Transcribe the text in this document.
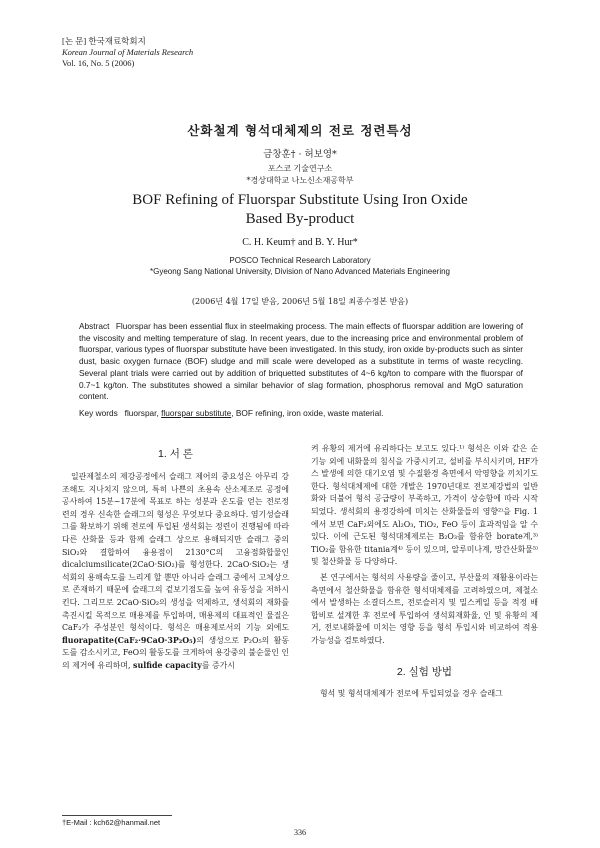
[논 문] 한국재료학회지
Korean Journal of Materials Research
Vol. 16, No. 5 (2006)
산화철계 형석대체제의 전로 정련특성
금창훈† · 허보영*
포스코 기술연구소
*경상대학교 나노신소재공학부
BOF Refining of Fluorspar Substitute Using Iron Oxide
Based By-product
C. H. Keum† and B. Y. Hur*
POSCO Technical Research Laboratory
*Gyeong Sang National University, Division of Nano Advanced Materials Engineering
(2006년 4월 17일 받음, 2006년 5월 18일 최종수정본 받음)
Abstract Fluorspar has been essential flux in steelmaking process. The main effects of fluorspar addition are lowering of the viscosity and melting temperature of slag. In recent years, due to the increasing price and environmental problem of fluorspar, various types of fluorspar substitute have been investigated. In this study, iron oxide by-products such as sinter dust, basic oxygen furnace (BOF) sludge and mill scale were developed as a substitute in terms of waste recycling. Several plant trials were carried out by addition of briquetted substitutes of 4~6 kg/ton to compare with the fluorspar of 0.7~1 kg/ton. The substitutes showed a similar behavior of slag formation, phosphorus removal and MgO saturation content.
Key words fluorspar, fluorspar substitute, BOF refining, iron oxide, waste material.
1. 서 론

일관제철소의 제강공정에서 슬래그 제어의 중요성은 아무리 강조해도 지나치지 않으며, 특히 나쁜의 초용속 산소제조로 공정에 공사하여 15분~17분에 목표로 하는 성분과 온도를 얻는 전로정련의 경우 신속한 슬래그의 형성은 무엇보다 중요하다. 염기성슬래그를 확보하기 위해 전로에 투입된 생석회는 정련이 진행됨에 따라 다른 산화물 등과 함께 슬래그 상으로 용해되지만 슬래그 중의 SiO₂와 결합하여 융용점이 2130°C의 고융점화합물인 dicalciumsilicate(2CaO·SiO₂)를 형성한다. 2CaO·SiO₂는 생석회의 용해속도를 느리게 할 뿐만 아니라 슬래그 중에서 고체상으로 존재하기 때문에 슬래그의 겉보기점도를 높여 유동성을 저하시킨다. 그리므로 2CaO·SiO₂의 생성을 억제하고, 생석회의 재화를 촉진시킬 목적으로 매용제를 투입하며, 매용제의 대표적인 물질은 CaF₂가 주성분인 형석이다. 형석은 매용제로서의 기능 외에도 fluorapatite(CaF₂·9CaO·3P₂O₅)의 생성으로 P₂O₅의 활동도를 감소시키고, FeO의 활동도를 크게하여 용강중의 불순물인 인의 제거에 유리하며, sulfide capacity를 증가시

켜 유황의 제거에 유리하다는 보고도 있다.¹⁾ 형석은 이와 같은 순기능 외에 내화물의 침식을 가중시키고, 설비를 부식시키며, HF가스 발생에 의한 대기오염 및 수질환경 측면에서 악영향을 끼치기도 한다. 형석대체제에 대한 개발은 1970년대로 전로제강법의 일반화와 더불어 형석 공급량이 부족하고, 가격이 상승함에 따라 시작되었다. 생석회의 용정강하에 미치는 산화물들의 영향²⁾을 Fig. 1에서 보면 CaF₂외에도 Al₂O₃, TiO₂, FeO 등이 효과적임을 알 수 있다. 이에 근도된 형석대체제로는 B₂O₃를 함유한 borate계,³⁾ TiO₂를 함유한 titania계⁴⁾ 등이 있으며, 알루미나계, 망간산화물⁵⁾ 및 철산화물 등 다양하다.

본 연구에서는 형석의 사용량을 줄이고, 부산물의 재활용이라는 측면에서 철산화물을 함유한 형석대체제를 고려하였으며, 제철소에서 발생하는 소결더스트, 전로슬러지 및 밀스케일 등을 적정 배합비로 설계한 후 전로에 투입하여 생석회재화율, 인 및 유황의 제거, 전로내화물에 미치는 영향 등을 형석 투입시와 비교하여 적용 가능성을 검토하였다.

2. 실험 방법

형석 및 형석대체제가 전로에 투입되었을 경우 슬래그

†E-Mail : kch62@hanmail.net
336
